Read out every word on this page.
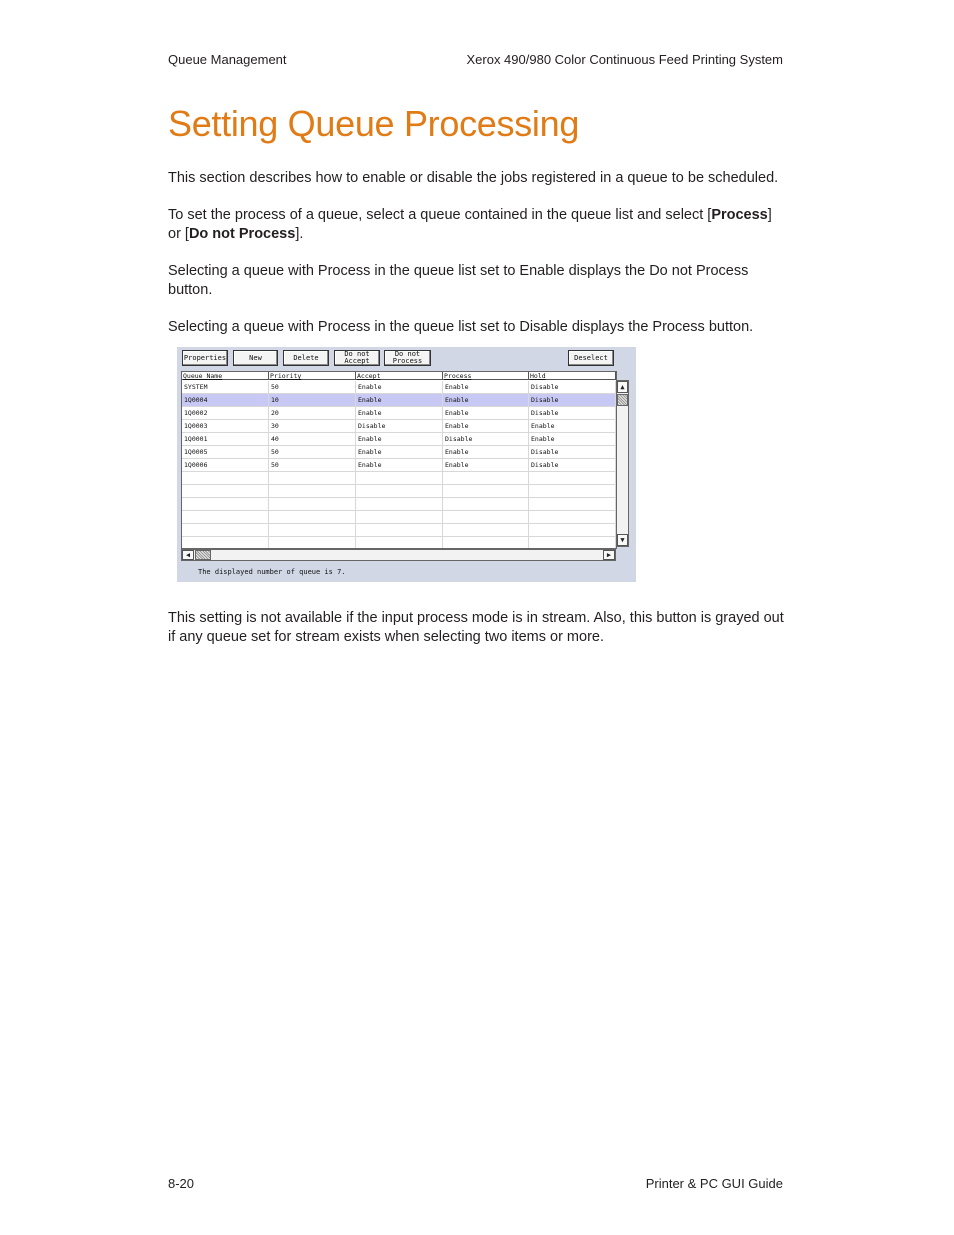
Queue Management	Xerox 490/980 Color Continuous Feed Printing System
Setting Queue Processing

This section describes how to enable or disable the jobs registered in a queue to be scheduled.

To set the process of a queue, select a queue contained in the queue list and select [Process] or [Do not Process].

Selecting a queue with Process in the queue list set to Enable displays the Do not Process button.

Selecting a queue with Process in the queue list set to Disable displays the Process button.

Properties	New	Delete	Do not
Accept
Do not
Process	Deselect
Queue Name	Priority	Accept	Process	Hold
SYSTEM	50	Enable	Enable	Disable
1Q0004	10	Enable	Enable	Disable
1Q0002	20	Enable	Enable	Disable
1Q0003	30	Disable	Enable	Enable
1Q0001	40	Enable	Disable	Enable
1Q0005	50	Enable	Enable	Disable
1Q0006	50	Enable	Enable	Disable
▲
▼
◀	▶
The displayed number of queue is 7.

This setting is not available if the input process mode is in stream. Also, this button is grayed out if any queue set for stream exists when selecting two items or more.

8-20	Printer & PC GUI Guide
